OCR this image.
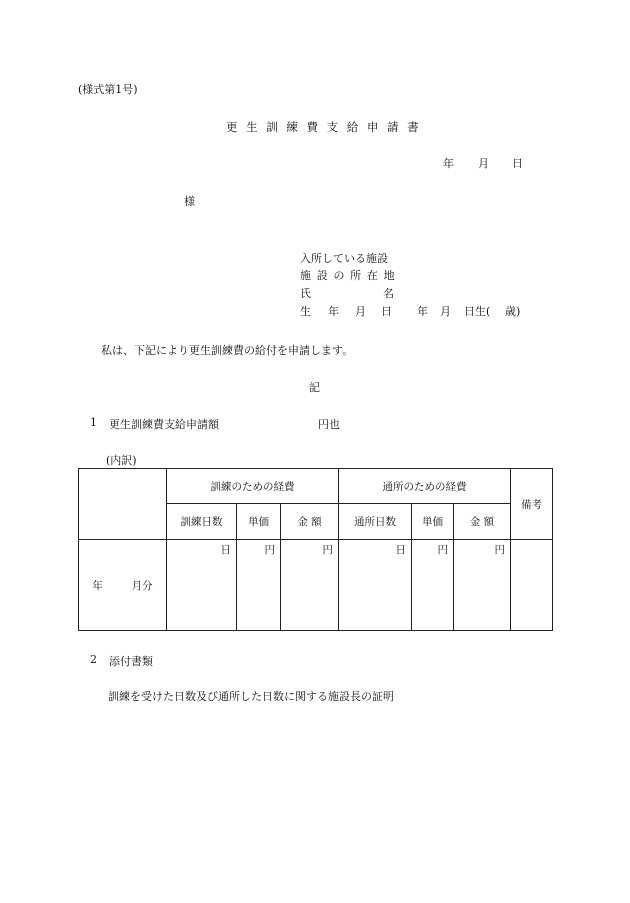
(様式第1号)
更生訓練費支給申請書
年 月 日
様
入所している施設
施設の所在地
氏	名
生 年 月 日 年 月 日生( 歳)
私は、下記により更生訓練費の給付を申請します。
記
1 更生訓練費支給申請額	円也
(内訳)
	訓練のための経費			通所のための経費			備考
	訓練日数	単価	金 額	通所日数	単価	金 額	
年 月分	日	円	円	日	円	円	
2 添付書類
訓練を受けた日数及び通所した日数に関する施設長の証明
